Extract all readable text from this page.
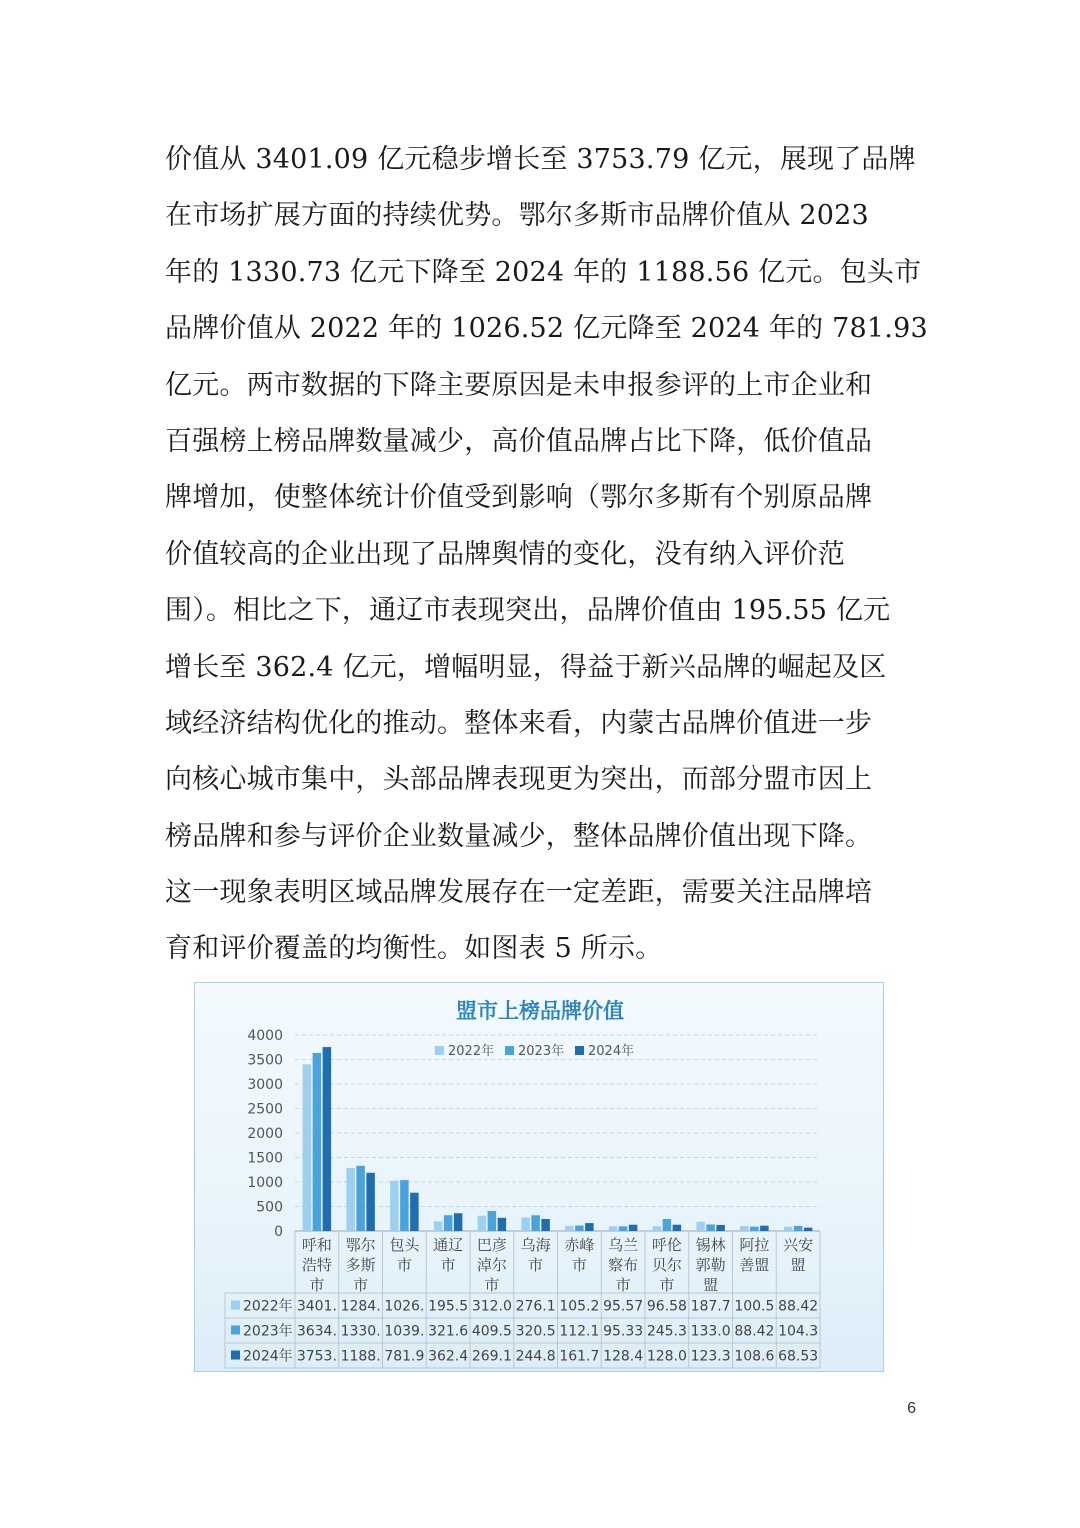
价值从 3401.09 亿元稳步增长至 3753.79 亿元，展现了品牌
在市场扩展方面的持续优势。鄂尔多斯市品牌价值从 2023
年的 1330.73 亿元下降至 2024 年的 1188.56 亿元。包头市
品牌价值从 2022 年的 1026.52 亿元降至 2024 年的 781.93
亿元。两市数据的下降主要原因是未申报参评的上市企业和
百强榜上榜品牌数量减少，高价值品牌占比下降，低价值品
牌增加，使整体统计价值受到影响（鄂尔多斯有个别原品牌
价值较高的企业出现了品牌舆情的变化，没有纳入评价范
围）。相比之下，通辽市表现突出，品牌价值由 195.55 亿元
增长至 362.4 亿元，增幅明显，得益于新兴品牌的崛起及区
域经济结构优化的推动。整体来看，内蒙古品牌价值进一步
向核心城市集中，头部品牌表现更为突出，而部分盟市因上
榜品牌和参与评价企业数量减少，整体品牌价值出现下降。
这一现象表明区域品牌发展存在一定差距，需要关注品牌培
育和评价覆盖的均衡性。如图表 5 所示。
盟市上榜品牌价值
0
500
1000
1500
2000
2500
3000
3500
4000
2022年 2023年 2024年
呼和
浩特
市
鄂尔
多斯
市
包头
市
通辽
市
巴彦
淖尔
市
乌海
市
赤峰
市
乌兰
察布
市
呼伦
贝尔
市
锡林
郭勒
盟
阿拉
善盟
兴安
盟
2022年 3401. 1284. 1026. 195.5 312.0 276.1 105.2 95.57 96.58 187.7 100.5 88.42
2023年 3634. 1330. 1039. 321.6 409.5 320.5 112.1 95.33 245.3 133.0 88.42 104.3
2024年 3753. 1188. 781.9 362.4 269.1 244.8 161.7 128.4 128.0 123.3 108.6 68.53
6
